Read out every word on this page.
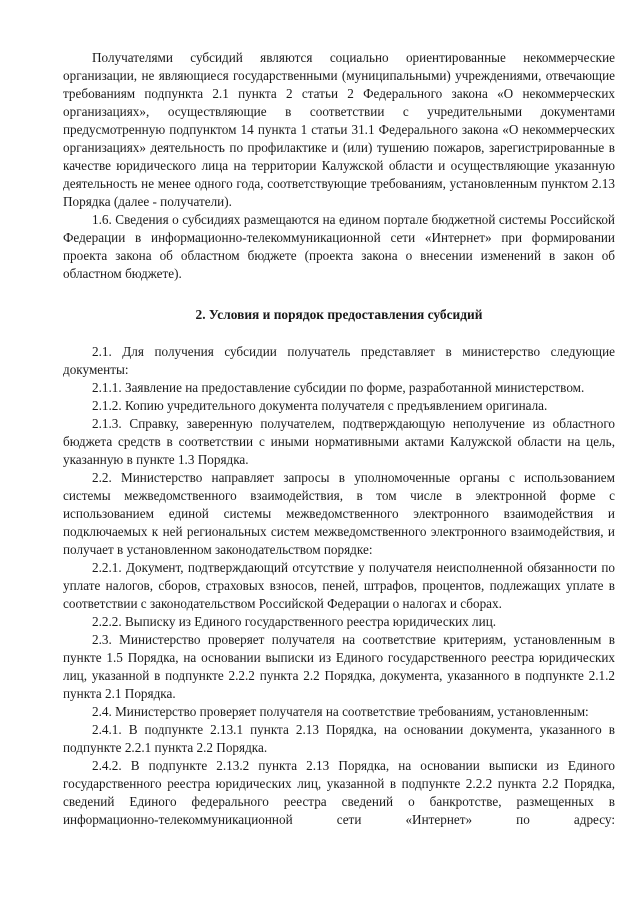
Получателями субсидий являются социально ориентированные некоммерческие организации, не являющиеся государственными (муниципальными) учреждениями, отвечающие требованиям подпункта 2.1 пункта 2 статьи 2 Федерального закона «О некоммерческих организациях», осуществляющие в соответствии с учредительными документами предусмотренную подпунктом 14 пункта 1 статьи 31.1 Федерального закона «О некоммерческих организациях» деятельность по профилактике и (или) тушению пожаров, зарегистрированные в качестве юридического лица на территории Калужской области и осуществляющие указанную деятельность не менее одного года, соответствующие требованиям, установленным пунктом 2.13 Порядка (далее - получатели).

1.6. Сведения о субсидиях размещаются на едином портале бюджетной системы Российской Федерации в информационно-телекоммуникационной сети «Интернет» при формировании проекта закона об областном бюджете (проекта закона о внесении изменений в закон об областном бюджете).

2. Условия и порядок предоставления субсидий

2.1. Для получения субсидии получатель представляет в министерство следующие документы:

2.1.1. Заявление на предоставление субсидии по форме, разработанной министерством.

2.1.2. Копию учредительного документа получателя с предъявлением оригинала.

2.1.3. Справку, заверенную получателем, подтверждающую неполучение из областного бюджета средств в соответствии с иными нормативными актами Калужской области на цель, указанную в пункте 1.3 Порядка.

2.2. Министерство направляет запросы в уполномоченные органы с использованием системы межведомственного взаимодействия, в том числе в электронной форме с использованием единой системы межведомственного электронного взаимодействия и подключаемых к ней региональных систем межведомственного электронного взаимодействия, и получает в установленном законодательством порядке:

2.2.1. Документ, подтверждающий отсутствие у получателя неисполненной обязанности по уплате налогов, сборов, страховых взносов, пеней, штрафов, процентов, подлежащих уплате в соответствии с законодательством Российской Федерации о налогах и сборах.

2.2.2. Выписку из Единого государственного реестра юридических лиц.

2.3. Министерство проверяет получателя на соответствие критериям, установленным в пункте 1.5 Порядка, на основании выписки из Единого государственного реестра юридических лиц, указанной в подпункте 2.2.2 пункта 2.2 Порядка, документа, указанного в подпункте 2.1.2 пункта 2.1 Порядка.

2.4. Министерство проверяет получателя на соответствие требованиям, установленным:

2.4.1. В подпункте 2.13.1 пункта 2.13 Порядка, на основании документа, указанного в подпункте 2.2.1 пункта 2.2 Порядка.

2.4.2. В подпункте 2.13.2 пункта 2.13 Порядка, на основании выписки из Единого государственного реестра юридических лиц, указанной в подпункте 2.2.2 пункта 2.2 Порядка, сведений Единого федерального реестра сведений о банкротстве, размещенных в информационно-телекоммуникационной сети «Интернет» по адресу:
